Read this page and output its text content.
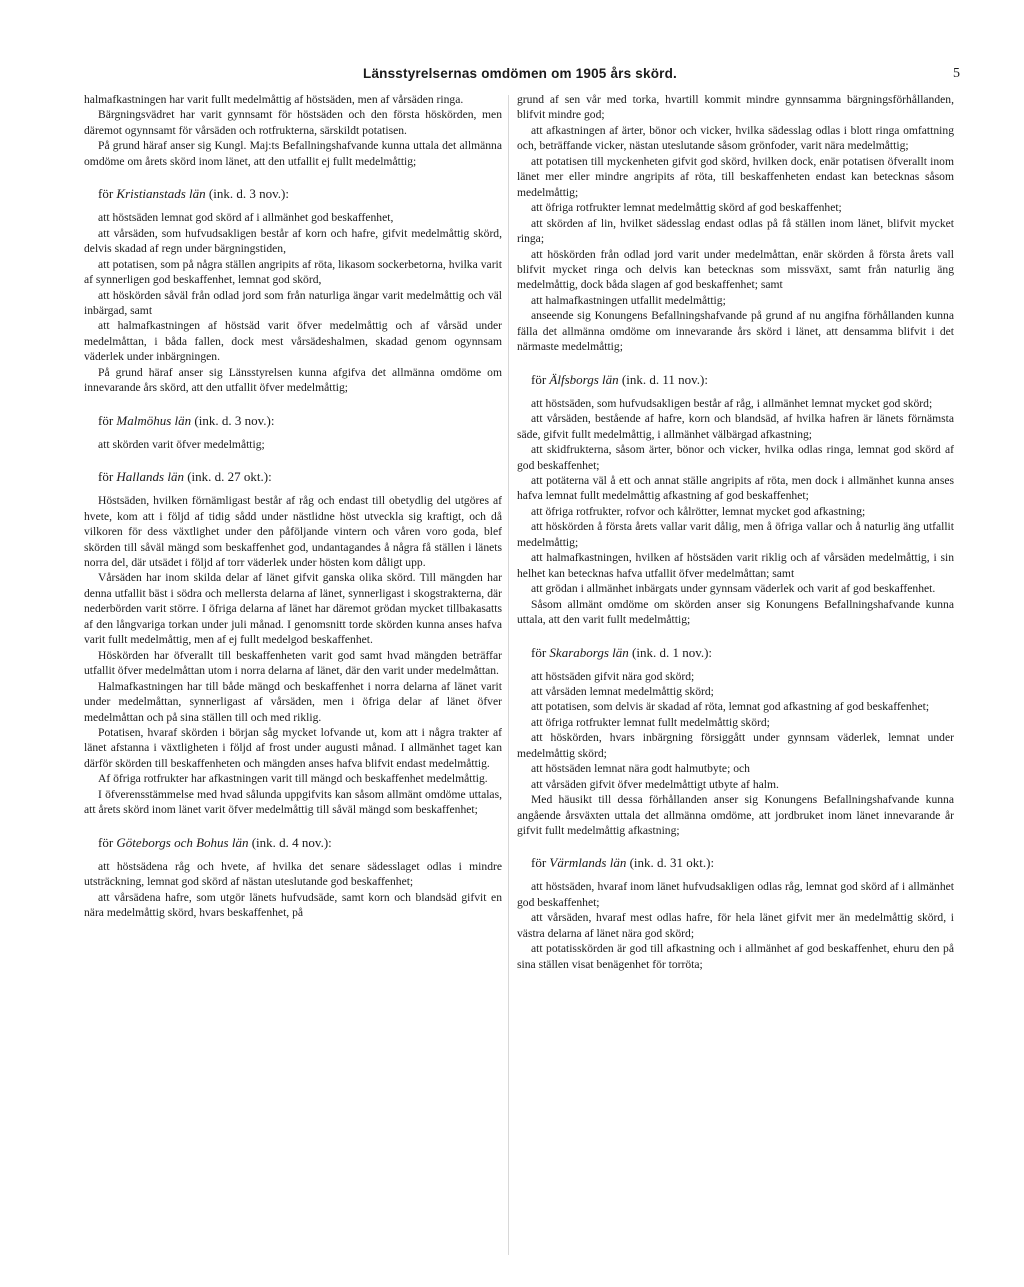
Länsstyrelsernas omdömen om 1905 års skörd.	5

halmafkastningen har varit fullt medelmåttig af höstsäden, men af vårsäden ringa.

Bärgningsvädret har varit gynnsamt för höstsäden och den första höskörden, men däremot ogynnsamt för vårsäden och rotfrukterna, särskildt potatisen.

På grund häraf anser sig Kungl. Maj:ts Befallningshafvande kunna uttala det allmänna omdöme om årets skörd inom länet, att den utfallit ej fullt medelmåttig;

för Kristianstads län (ink. d. 3 nov.):

att höstsäden lemnat god skörd af i allmänhet god beskaffenhet,

att vårsäden, som hufvudsakligen består af korn och hafre, gifvit medelmåttig skörd, delvis skadad af regn under bärgningstiden,

att potatisen, som på några ställen angripits af röta, likasom sockerbetorna, hvilka varit af synnerligen god beskaffenhet, lemnat god skörd,

att höskörden såväl från odlad jord som från naturliga ängar varit medelmåttig och väl inbärgad, samt

att halmafkastningen af höstsäd varit öfver medelmåttig och af vårsäd under medelmåttan, i båda fallen, dock mest vårsädeshalmen, skadad genom ogynnsam väderlek under inbärgningen.

På grund häraf anser sig Länsstyrelsen kunna afgifva det allmänna omdöme om innevarande års skörd, att den utfallit öfver medelmåttig;

för Malmöhus län (ink. d. 3 nov.):

att skörden varit öfver medelmåttig;

för Hallands län (ink. d. 27 okt.):

Höstsäden, hvilken förnämligast består af råg och endast till obetydlig del utgöres af hvete, kom att i följd af tidig sådd under nästlidne höst utveckla sig kraftigt, och då vilkoren för dess växtlighet under den påföljande vintern och våren voro goda, blef skörden till såväl mängd som beskaffenhet god, undantagandes å några få ställen i länets norra del, där utsädet i följd af torr väderlek under hösten kom dåligt upp.

Vårsäden har inom skilda delar af länet gifvit ganska olika skörd. Till mängden har denna utfallit bäst i södra och mellersta delarna af länet, synnerligast i skogstrakterna, där nederbörden varit större. I öfriga delarna af länet har däremot grödan mycket tillbakasatts af den långvariga torkan under juli månad. I genomsnitt torde skörden kunna anses hafva varit fullt medelmåttig, men af ej fullt medelgod beskaffenhet.

Höskörden har öfverallt till beskaffenheten varit god samt hvad mängden beträffar utfallit öfver medelmåttan utom i norra delarna af länet, där den varit under medelmåttan.

Halmafkastningen har till både mängd och beskaffenhet i norra delarna af länet varit under medelmåttan, synnerligast af vårsäden, men i öfriga delar af länet öfver medelmåttan och på sina ställen till och med riklig.

Potatisen, hvaraf skörden i början såg mycket lofvande ut, kom att i några trakter af länet afstanna i växtligheten i följd af frost under augusti månad. I allmänhet taget kan därför skörden till beskaffenheten och mängden anses hafva blifvit endast medelmåttig.

Af öfriga rotfrukter har afkastningen varit till mängd och beskaffenhet medelmåttig.

I öfverensstämmelse med hvad sålunda uppgifvits kan såsom allmänt omdöme uttalas, att årets skörd inom länet varit öfver medelmåttig till såväl mängd som beskaffenhet;

för Göteborgs och Bohus län (ink. d. 4 nov.):

att höstsädena råg och hvete, af hvilka det senare sädesslaget odlas i mindre utsträckning, lemnat god skörd af nästan uteslutande god beskaffenhet;

att vårsädena hafre, som utgör länets hufvudsäde, samt korn och blandsäd gifvit en nära medelmåttig skörd, hvars beskaffenhet, på

grund af sen vår med torka, hvartill kommit mindre gynnsamma bärgningsförhållanden, blifvit mindre god;

att afkastningen af ärter, bönor och vicker, hvilka sädesslag odlas i blott ringa omfattning och, beträffande vicker, nästan uteslutande såsom grönfoder, varit nära medelmåttig;

att potatisen till myckenheten gifvit god skörd, hvilken dock, enär potatisen öfverallt inom länet mer eller mindre angripits af röta, till beskaffenheten endast kan betecknas såsom medelmåttig;

att öfriga rotfrukter lemnat medelmåttig skörd af god beskaffenhet;

att skörden af lin, hvilket sädesslag endast odlas på få ställen inom länet, blifvit mycket ringa;

att höskörden från odlad jord varit under medelmåttan, enär skörden å första årets vall blifvit mycket ringa och delvis kan betecknas som missväxt, samt från naturlig äng medelmåttig, dock båda slagen af god beskaffenhet; samt

att halmafkastningen utfallit medelmåttig;

anseende sig Konungens Befallningshafvande på grund af nu angifna förhållanden kunna fälla det allmänna omdöme om innevarande års skörd i länet, att densamma blifvit i det närmaste medelmåttig;

för Älfsborgs län (ink. d. 11 nov.):

att höstsäden, som hufvudsakligen består af råg, i allmänhet lemnat mycket god skörd;

att vårsäden, bestående af hafre, korn och blandsäd, af hvilka hafren är länets förnämsta säde, gifvit fullt medelmåttig, i allmänhet välbärgad afkastning;

att skidfrukterna, såsom ärter, bönor och vicker, hvilka odlas ringa, lemnat god skörd af god beskaffenhet;

att potäterna väl å ett och annat ställe angripits af röta, men dock i allmänhet kunna anses hafva lemnat fullt medelmåttig afkastning af god beskaffenhet;

att öfriga rotfrukter, rofvor och kålrötter, lemnat mycket god afkastning;

att höskörden å första årets vallar varit dålig, men å öfriga vallar och å naturlig äng utfallit medelmåttig;

att halmafkastningen, hvilken af höstsäden varit riklig och af vårsäden medelmåttig, i sin helhet kan betecknas hafva utfallit öfver medelmåttan; samt

att grödan i allmänhet inbärgats under gynnsam väderlek och varit af god beskaffenhet.

Såsom allmänt omdöme om skörden anser sig Konungens Befallningshafvande kunna uttala, att den varit fullt medelmåttig;

för Skaraborgs län (ink. d. 1 nov.):

att höstsäden gifvit nära god skörd;

att vårsäden lemnat medelmåttig skörd;

att potatisen, som delvis är skadad af röta, lemnat god afkastning af god beskaffenhet;

att öfriga rotfrukter lemnat fullt medelmåttig skörd;

att höskörden, hvars inbärgning försiggått under gynnsam väderlek, lemnat under medelmåttig skörd;

att höstsäden lemnat nära godt halmutbyte; och

att vårsäden gifvit öfver medelmåttigt utbyte af halm.

Med häusikt till dessa förhållanden anser sig Konungens Befallningshafvande kunna angående årsväxten uttala det allmänna omdöme, att jordbruket inom länet innevarande år gifvit fullt medelmåttig afkastning;

för Värmlands län (ink. d. 31 okt.):

att höstsäden, hvaraf inom länet hufvudsakligen odlas råg, lemnat god skörd af i allmänhet god beskaffenhet;

att vårsäden, hvaraf mest odlas hafre, för hela länet gifvit mer än medelmåttig skörd, i västra delarna af länet nära god skörd;

att potatisskörden är god till afkastning och i allmänhet af god beskaffenhet, ehuru den på sina ställen visat benägenhet för torröta;
